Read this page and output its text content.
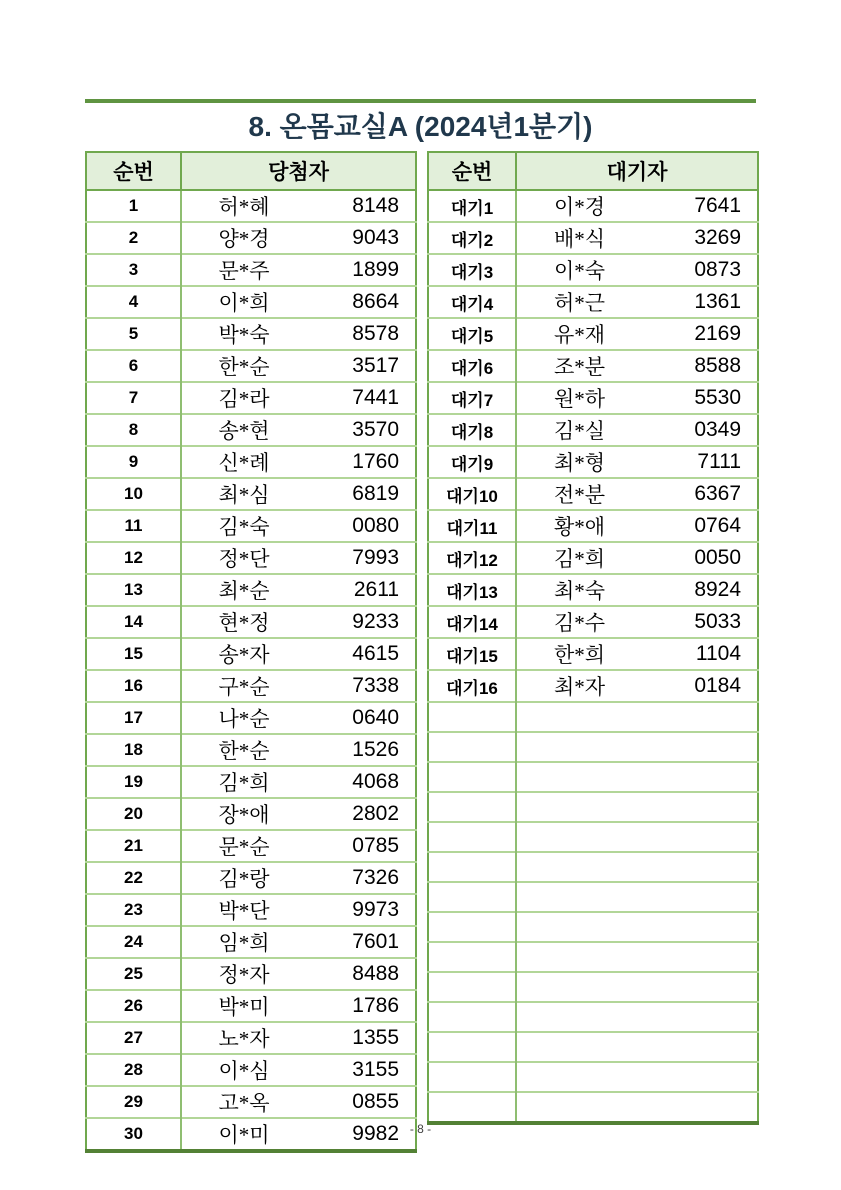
8. 온몸교실A (2024년1분기)
순번	당첨자	
1	허*혜	8148
2	양*경	9043
3	문*주	1899
4	이*희	8664
5	박*숙	8578
6	한*순	3517
7	김*라	7441
8	송*현	3570
9	신*례	1760
10	최*심	6819
11	김*숙	0080
12	정*단	7993
13	최*순	2611
14	현*정	9233
15	송*자	4615
16	구*순	7338
17	나*순	0640
18	한*순	1526
19	김*희	4068
20	장*애	2802
21	문*순	0785
22	김*랑	7326
23	박*단	9973
24	임*희	7601
25	정*자	8488
26	박*미	1786
27	노*자	1355
28	이*심	3155
29	고*옥	0855
30	이*미	9982
순번	대기자	
대기1	이*경	7641
대기2	배*식	3269
대기3	이*숙	0873
대기4	허*근	1361
대기5	유*재	2169
대기6	조*분	8588
대기7	원*하	5530
대기8	김*실	0349
대기9	최*형	7111
대기10	전*분	6367
대기11	황*애	0764
대기12	김*희	0050
대기13	최*숙	8924
대기14	김*수	5033
대기15	한*희	1104
대기16	최*자	0184

- 8 -
